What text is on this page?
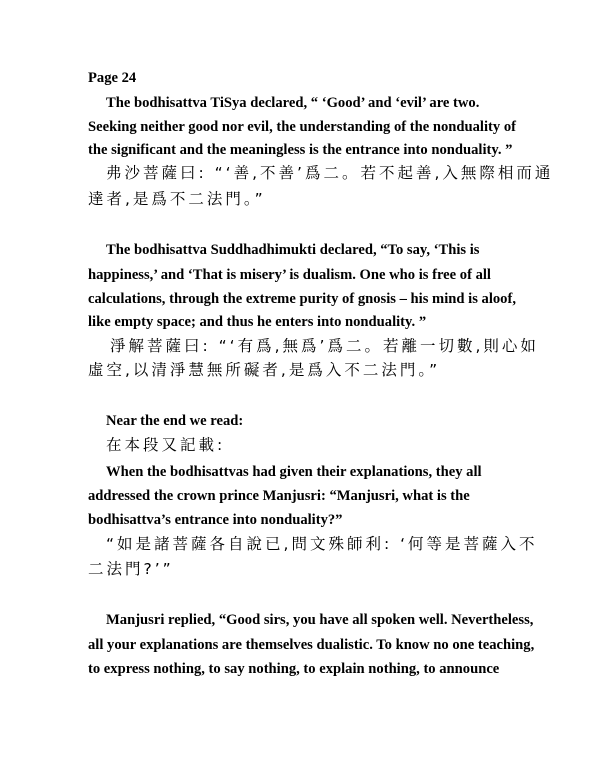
Page 24
The bodhisattva TiSya declared, “ ‘Good’ and ‘evil’ are two.
Seeking neither good nor evil, the understanding of the nonduality of
the significant and the meaningless is the entrance into nonduality. ”
弗沙菩薩曰: “‘善,不善’爲二。若不起善,入無際相而通
達者,是爲不二法門。”
The bodhisattva Suddhadhimukti declared, “To say, ‘This is
happiness,’ and ‘That is misery’ is dualism. One who is free of all
calculations, through the extreme purity of gnosis – his mind is aloof,
like empty space; and thus he enters into nonduality. ”
淨解菩薩曰: “‘有爲,無爲’爲二。若離一切數,則心如
虛空,以清淨慧無所礙者,是爲入不二法門。”
Near the end we read:
在本段又記載:
When the bodhisattvas had given their explanations, they all
addressed the crown prince Manjusri: “Manjusri, what is the
bodhisattva’s entrance into nonduality?”
“如是諸菩薩各自說已,問文殊師利: ‘何等是菩薩入不
二法門?’”
Manjusri replied, “Good sirs, you have all spoken well. Nevertheless,
all your explanations are themselves dualistic. To know no one teaching,
to express nothing, to say nothing, to explain nothing, to announce
